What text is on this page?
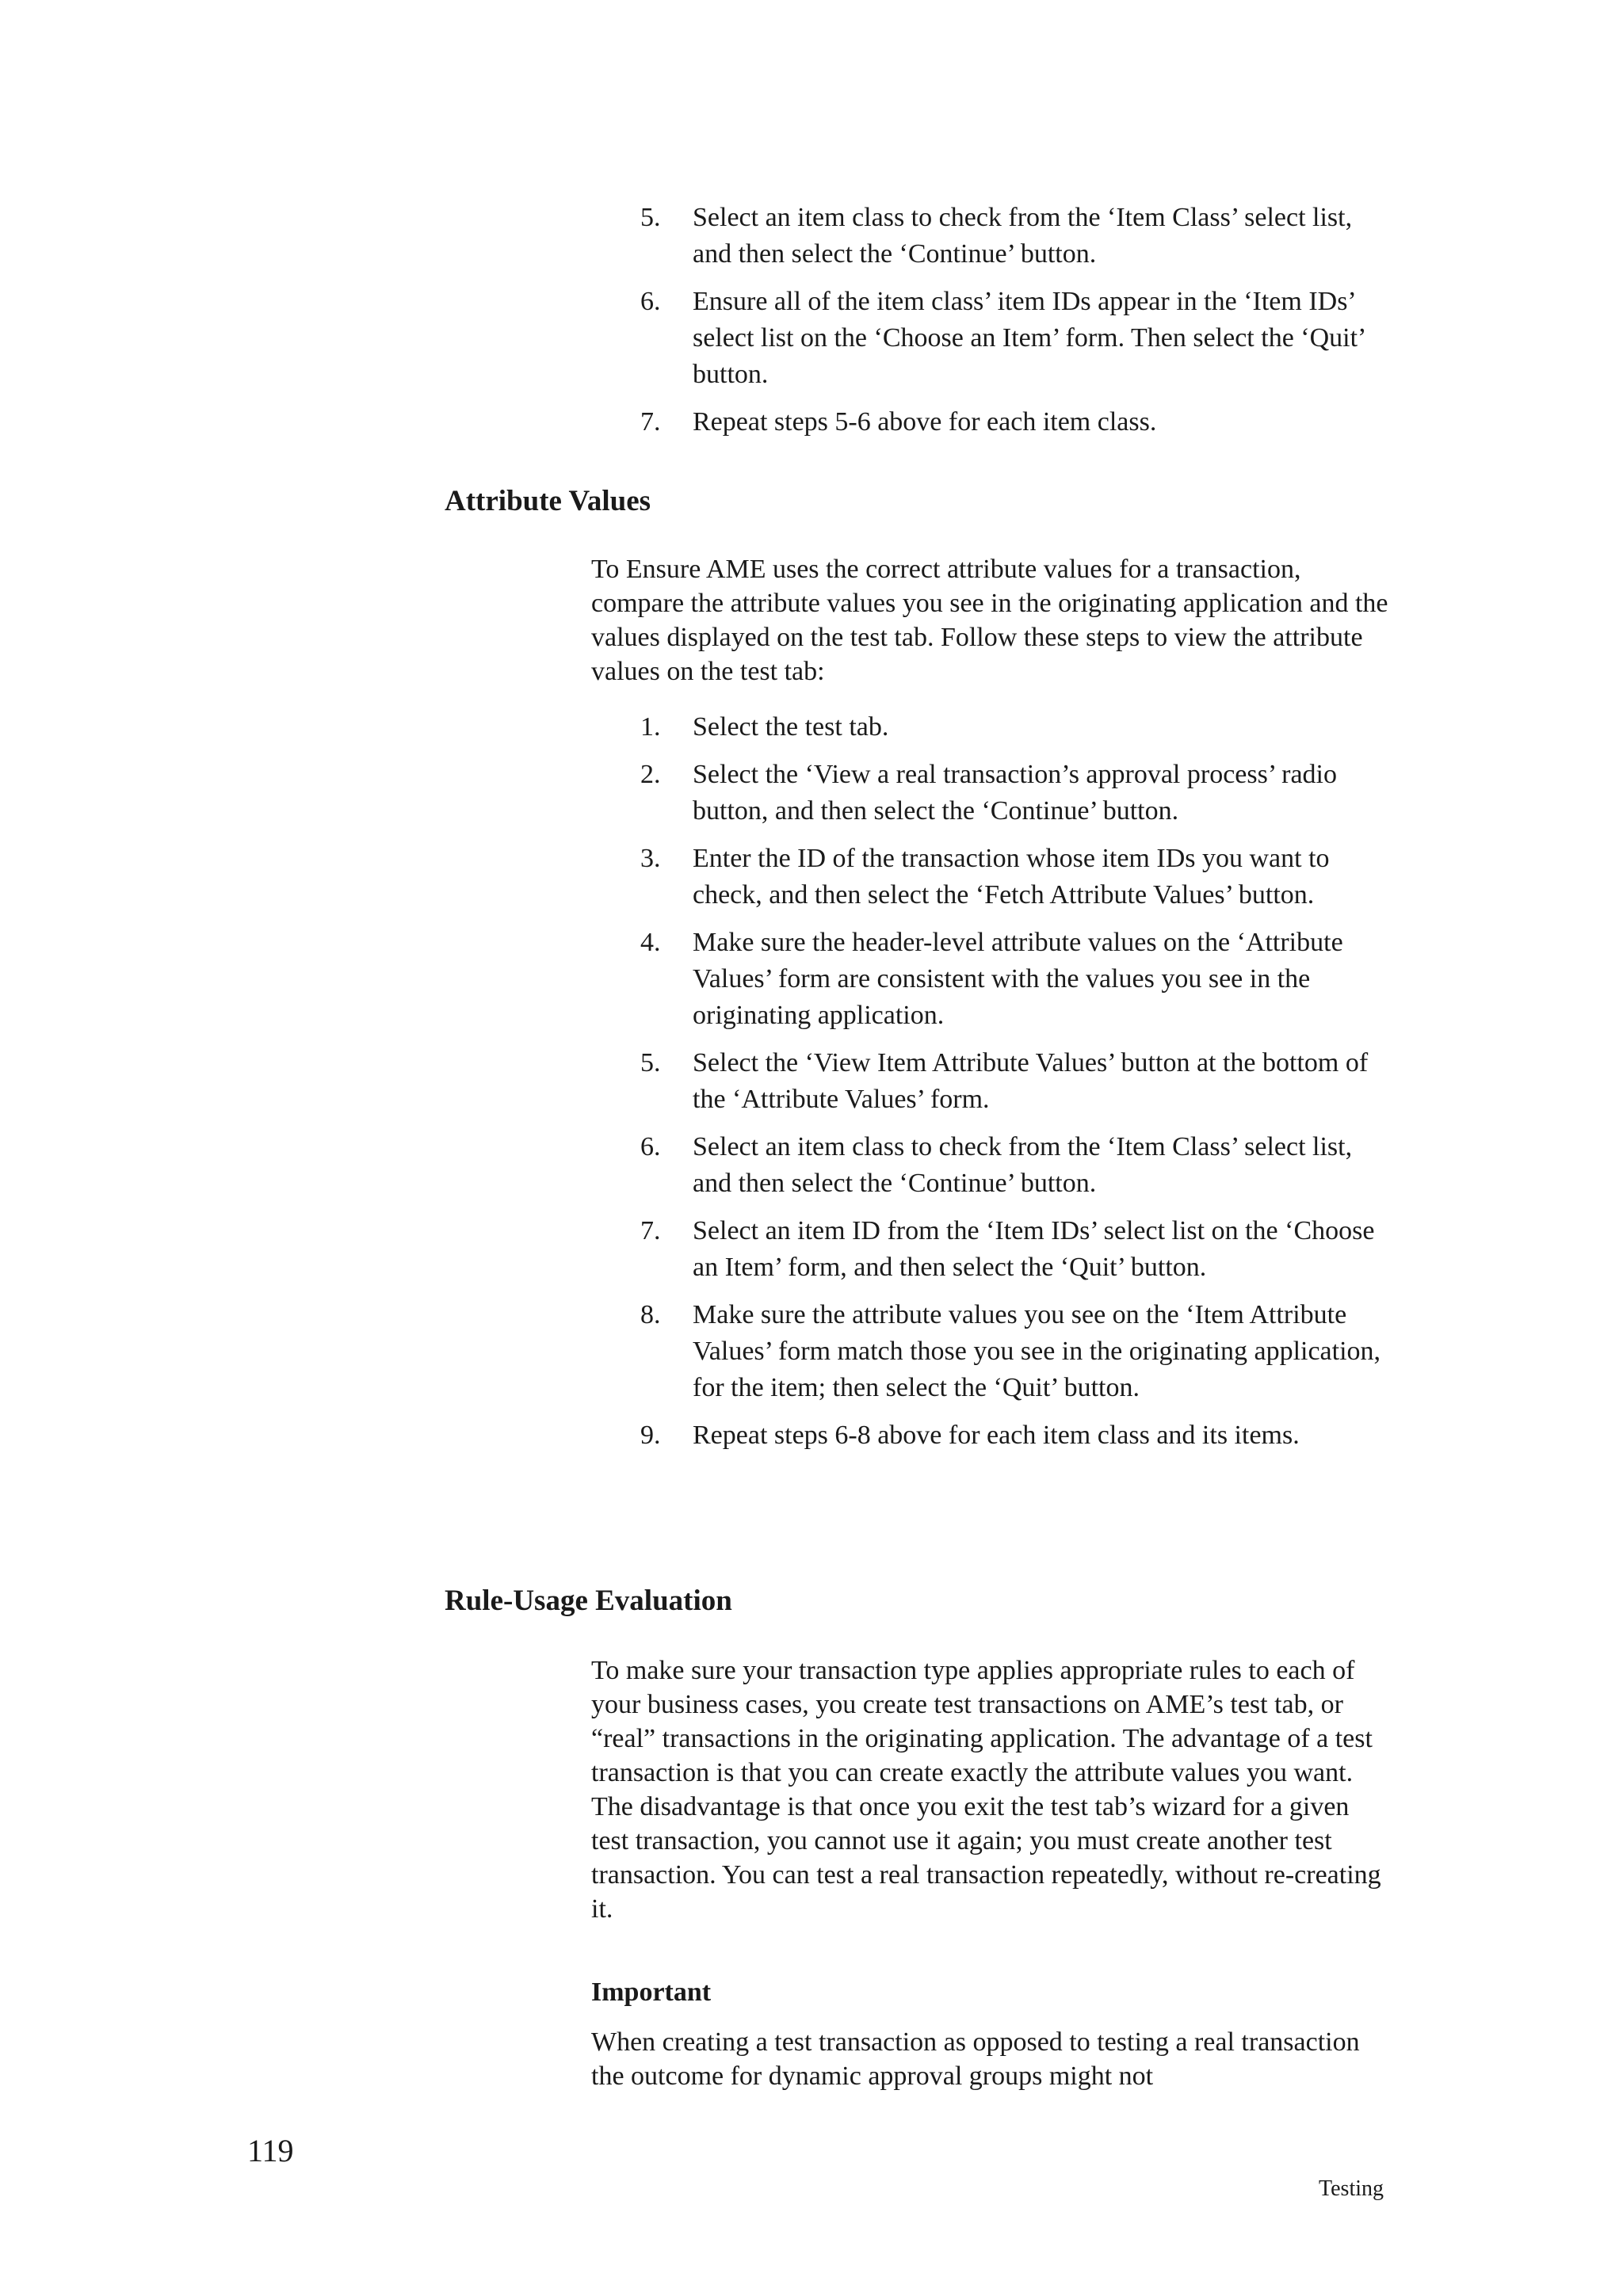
5. Select an item class to check from the ‘Item Class’ select list, and then select the ‘Continue’ button.
6. Ensure all of the item class’ item IDs appear in the ‘Item IDs’ select list on the ‘Choose an Item’ form. Then select the ‘Quit’ button.
7. Repeat steps 5-6 above for each item class.
Attribute Values

To Ensure AME uses the correct attribute values for a transaction, compare the attribute values you see in the originating application and the values displayed on the test tab. Follow these steps to view the attribute values on the test tab:

1. Select the test tab.
2. Select the ‘View a real transaction’s approval process’ radio button, and then select the ‘Continue’ button.
3. Enter the ID of the transaction whose item IDs you want to check, and then select the ‘Fetch Attribute Values’ button.
4. Make sure the header-level attribute values on the ‘Attribute Values’ form are consistent with the values you see in the originating application.
5. Select the ‘View Item Attribute Values’ button at the bottom of the ‘Attribute Values’ form.
6. Select an item class to check from the ‘Item Class’ select list, and then select the ‘Continue’ button.
7. Select an item ID from the ‘Item IDs’ select list on the ‘Choose an Item’ form, and then select the ‘Quit’ button.
8. Make sure the attribute values you see on the ‘Item Attribute Values’ form match those you see in the originating application, for the item; then select the ‘Quit’ button.
9. Repeat steps 6-8 above for each item class and its items.
Rule-Usage Evaluation

To make sure your transaction type applies appropriate rules to each of your business cases, you create test transactions on AME’s test tab, or “real” transactions in the originating application. The advantage of a test transaction is that you can create exactly the attribute values you want. The disadvantage is that once you exit the test tab’s wizard for a given test transaction, you cannot use it again; you must create another test transaction. You can test a real transaction repeatedly, without re-creating it.

Important

When creating a test transaction as opposed to testing a real transaction the outcome for dynamic approval groups might not

119
Testing
